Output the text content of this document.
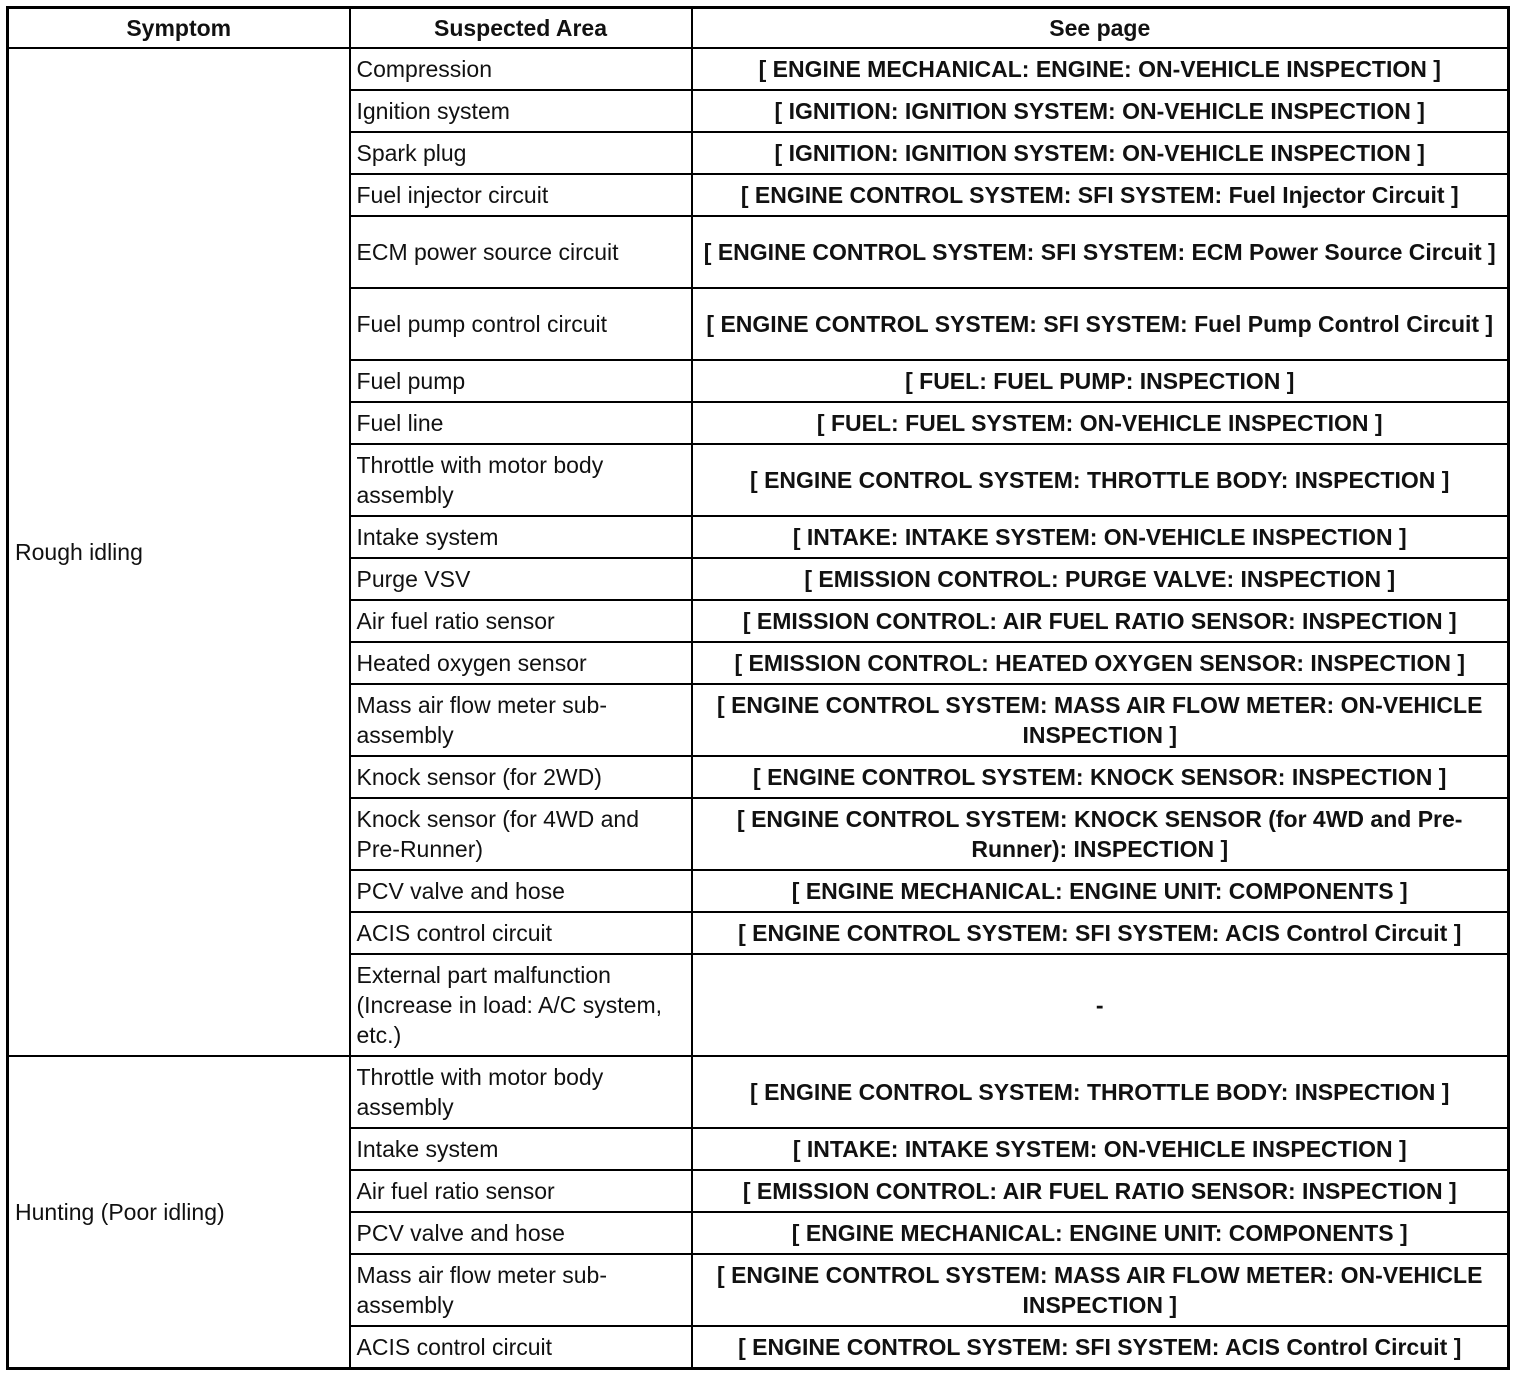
Symptom	Suspected Area	See page
Rough idling	Compression	[ ENGINE MECHANICAL: ENGINE: ON-VEHICLE INSPECTION ]
	Ignition system	[ IGNITION: IGNITION SYSTEM: ON-VEHICLE INSPECTION ]
	Spark plug	[ IGNITION: IGNITION SYSTEM: ON-VEHICLE INSPECTION ]
	Fuel injector circuit	[ ENGINE CONTROL SYSTEM: SFI SYSTEM: Fuel Injector Circuit ]
	ECM power source circuit	[ ENGINE CONTROL SYSTEM: SFI SYSTEM: ECM Power Source Circuit ]
	Fuel pump control circuit	[ ENGINE CONTROL SYSTEM: SFI SYSTEM: Fuel Pump Control Circuit ]
	Fuel pump	[ FUEL: FUEL PUMP: INSPECTION ]
	Fuel line	[ FUEL: FUEL SYSTEM: ON-VEHICLE INSPECTION ]
	Throttle with motor body assembly	[ ENGINE CONTROL SYSTEM: THROTTLE BODY: INSPECTION ]
	Intake system	[ INTAKE: INTAKE SYSTEM: ON-VEHICLE INSPECTION ]
	Purge VSV	[ EMISSION CONTROL: PURGE VALVE: INSPECTION ]
	Air fuel ratio sensor	[ EMISSION CONTROL: AIR FUEL RATIO SENSOR: INSPECTION ]
	Heated oxygen sensor	[ EMISSION CONTROL: HEATED OXYGEN SENSOR: INSPECTION ]
	Mass air flow meter sub-assembly	[ ENGINE CONTROL SYSTEM: MASS AIR FLOW METER: ON-VEHICLE INSPECTION ]
	Knock sensor (for 2WD)	[ ENGINE CONTROL SYSTEM: KNOCK SENSOR: INSPECTION ]
	Knock sensor (for 4WD and Pre-Runner)	[ ENGINE CONTROL SYSTEM: KNOCK SENSOR (for 4WD and Pre-Runner): INSPECTION ]
	PCV valve and hose	[ ENGINE MECHANICAL: ENGINE UNIT: COMPONENTS ]
	ACIS control circuit	[ ENGINE CONTROL SYSTEM: SFI SYSTEM: ACIS Control Circuit ]
	External part malfunction (Increase in load: A/C system, etc.)	-
Hunting (Poor idling)	Throttle with motor body assembly	[ ENGINE CONTROL SYSTEM: THROTTLE BODY: INSPECTION ]
	Intake system	[ INTAKE: INTAKE SYSTEM: ON-VEHICLE INSPECTION ]
	Air fuel ratio sensor	[ EMISSION CONTROL: AIR FUEL RATIO SENSOR: INSPECTION ]
	PCV valve and hose	[ ENGINE MECHANICAL: ENGINE UNIT: COMPONENTS ]
	Mass air flow meter sub-assembly	[ ENGINE CONTROL SYSTEM: MASS AIR FLOW METER: ON-VEHICLE INSPECTION ]
	ACIS control circuit	[ ENGINE CONTROL SYSTEM: SFI SYSTEM: ACIS Control Circuit ]
